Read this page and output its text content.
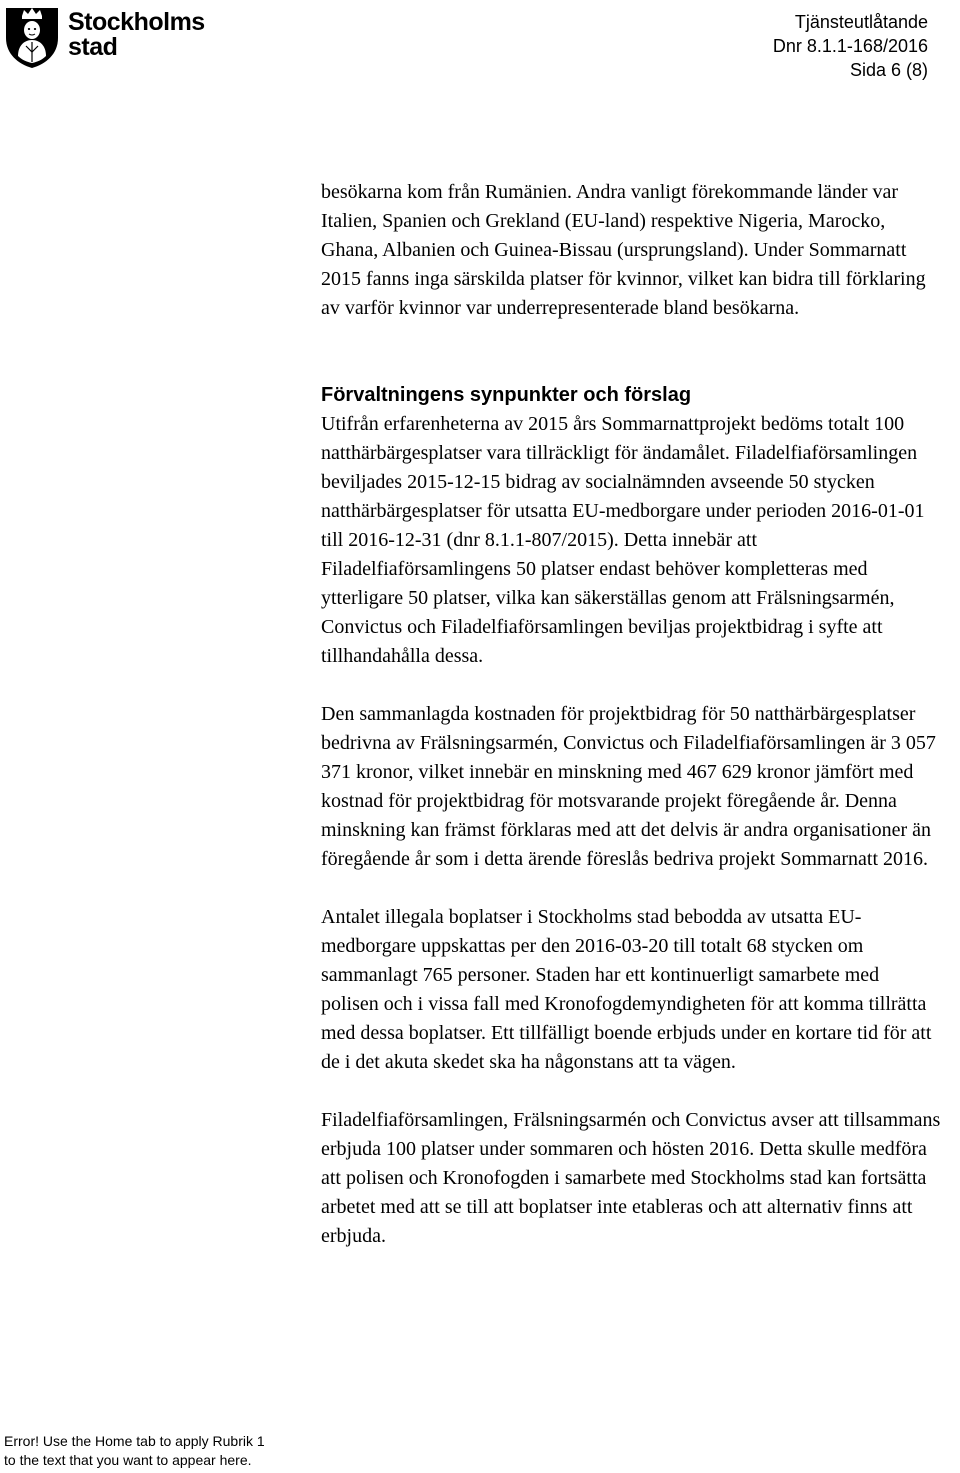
Stockholms
stad
Tjänsteutlåtande
Dnr 8.1.1-168/2016
Sida 6 (8)

besökarna kom från Rumänien. Andra vanligt förekommande länder var Italien, Spanien och Grekland (EU-land) respektive Nigeria, Marocko, Ghana, Albanien och Guinea-Bissau (ursprungsland). Under Sommarnatt 2015 fanns inga särskilda platser för kvinnor, vilket kan bidra till förklaring av varför kvinnor var underrepresenterade bland besökarna.

Förvaltningens synpunkter och förslag

Utifrån erfarenheterna av 2015 års Sommarnattprojekt bedöms totalt 100 natthärbärgesplatser vara tillräckligt för ändamålet. Filadelfiaförsamlingen beviljades 2015-12-15 bidrag av socialnämnden avseende 50 stycken natthärbärgesplatser för utsatta EU-medborgare under perioden 2016-01-01 till 2016-12-31 (dnr 8.1.1-807/2015). Detta innebär att Filadelfiaförsamlingens 50 platser endast behöver kompletteras med ytterligare 50 platser, vilka kan säkerställas genom att Frälsningsarmén, Convictus och Filadelfiaförsamlingen beviljas projektbidrag i syfte att tillhandahålla dessa.

Den sammanlagda kostnaden för projektbidrag för 50 natthärbärgesplatser bedrivna av Frälsningsarmén, Convictus och Filadelfiaförsamlingen är 3 057 371 kronor, vilket innebär en minskning med 467 629 kronor jämfört med kostnad för projektbidrag för motsvarande projekt föregående år. Denna minskning kan främst förklaras med att det delvis är andra organisationer än föregående år som i detta ärende föreslås bedriva projekt Sommarnatt 2016.

Antalet illegala boplatser i Stockholms stad bebodda av utsatta EU-medborgare uppskattas per den 2016-03-20 till totalt 68 stycken om sammanlagt 765 personer. Staden har ett kontinuerligt samarbete med polisen och i vissa fall med Kronofogdemyndigheten för att komma tillrätta med dessa boplatser. Ett tillfälligt boende erbjuds under en kortare tid för att de i det akuta skedet ska ha någonstans att ta vägen.

Filadelfiaförsamlingen, Frälsningsarmén och Convictus avser att tillsammans erbjuda 100 platser under sommaren och hösten 2016. Detta skulle medföra att polisen och Kronofogden i samarbete med Stockholms stad kan fortsätta arbetet med att se till att boplatser inte etableras och att alternativ finns att erbjuda.

Error! Use the Home tab to apply Rubrik 1
to the text that you want to appear here.
